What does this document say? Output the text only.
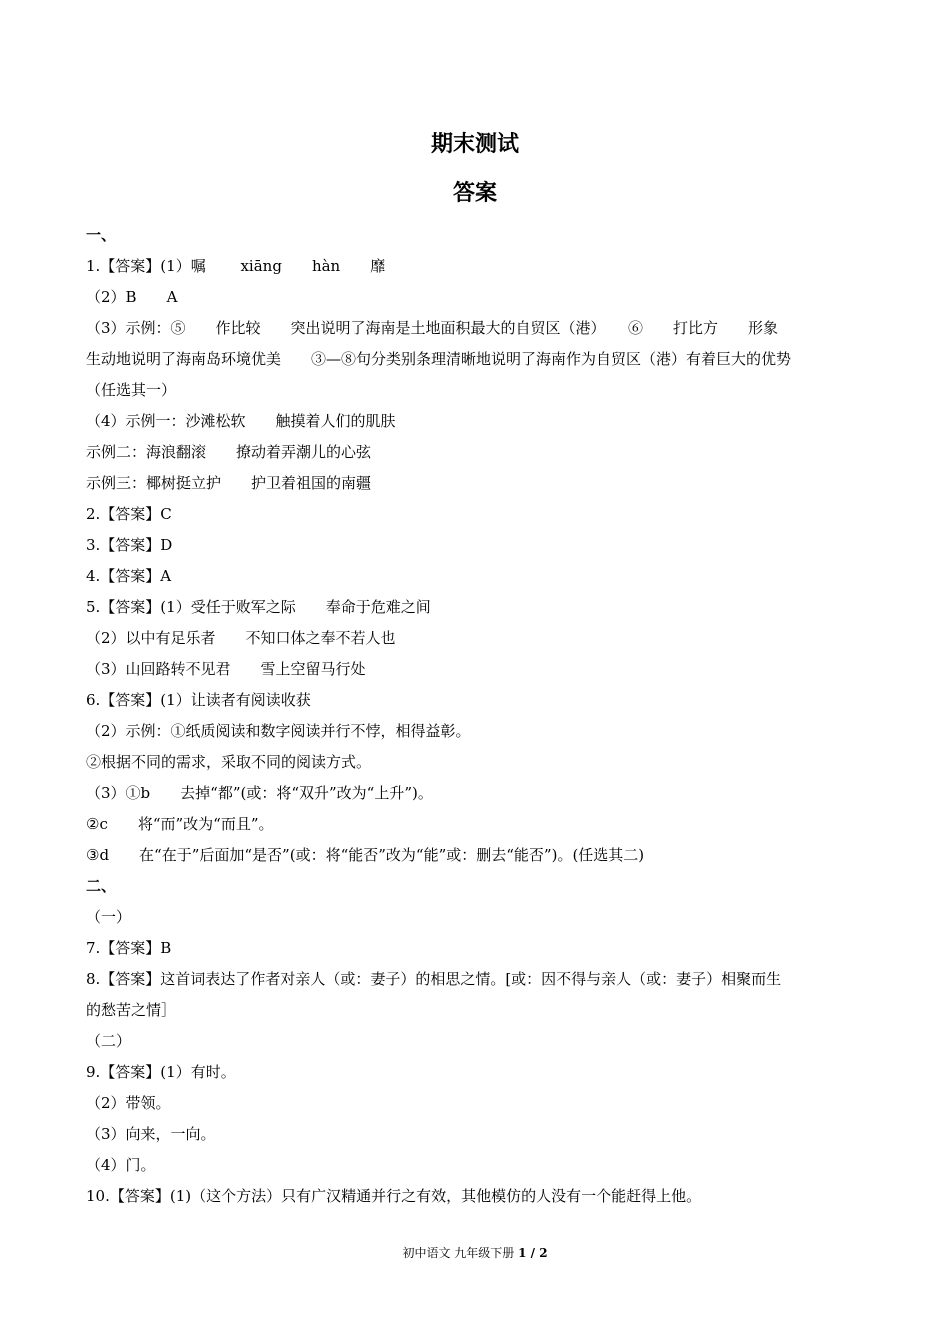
期末测试
答案
一、
1.【答案】(1）嘱　　 xiāng　　hàn　　靡
（2）B　　A
（3）示例：⑤　　作比较　　突出说明了海南是土地面积最大的自贸区（港）　　⑥　　打比方　　形象
生动地说明了海南岛环境优美　　③—⑧句分类别条理清晰地说明了海南作为自贸区（港）有着巨大的优势
（任选其一）
（4）示例一：沙滩松软　　触摸着人们的肌肤
示例二：海浪翻滚　　撩动着弄潮儿的心弦
示例三：椰树挺立护　　护卫着祖国的南疆
2.【答案】C
3.【答案】D
4.【答案】A
5.【答案】(1）受任于败军之际　　奉命于危难之间
（2）以中有足乐者　　不知口体之奉不若人也
（3）山回路转不见君　　雪上空留马行处
6.【答案】(1）让读者有阅读收获
（2）示例：①纸质阅读和数字阅读并行不悖，相得益彰。
②根据不同的需求，采取不同的阅读方式。
（3）①b　　去掉“都”(或：将“双升”改为“上升”)。
②c　　将“而”改为“而且”。
③d　　在“在于”后面加“是否”(或：将“能否”改为“能”或：删去“能否”)。(任选其二)
二、
（一）
7.【答案】B
8.【答案】这首词表达了作者对亲人（或：妻子）的相思之情。[或：因不得与亲人（或：妻子）相聚而生
的愁苦之情］
（二）
9.【答案】(1）有时。
（2）带领。
（3）向来，一向。
（4）门。
10.【答案】(1)（这个方法）只有广汉精通并行之有效，其他模仿的人没有一个能赶得上他。
初中语文 九年级下册 1 / 2
